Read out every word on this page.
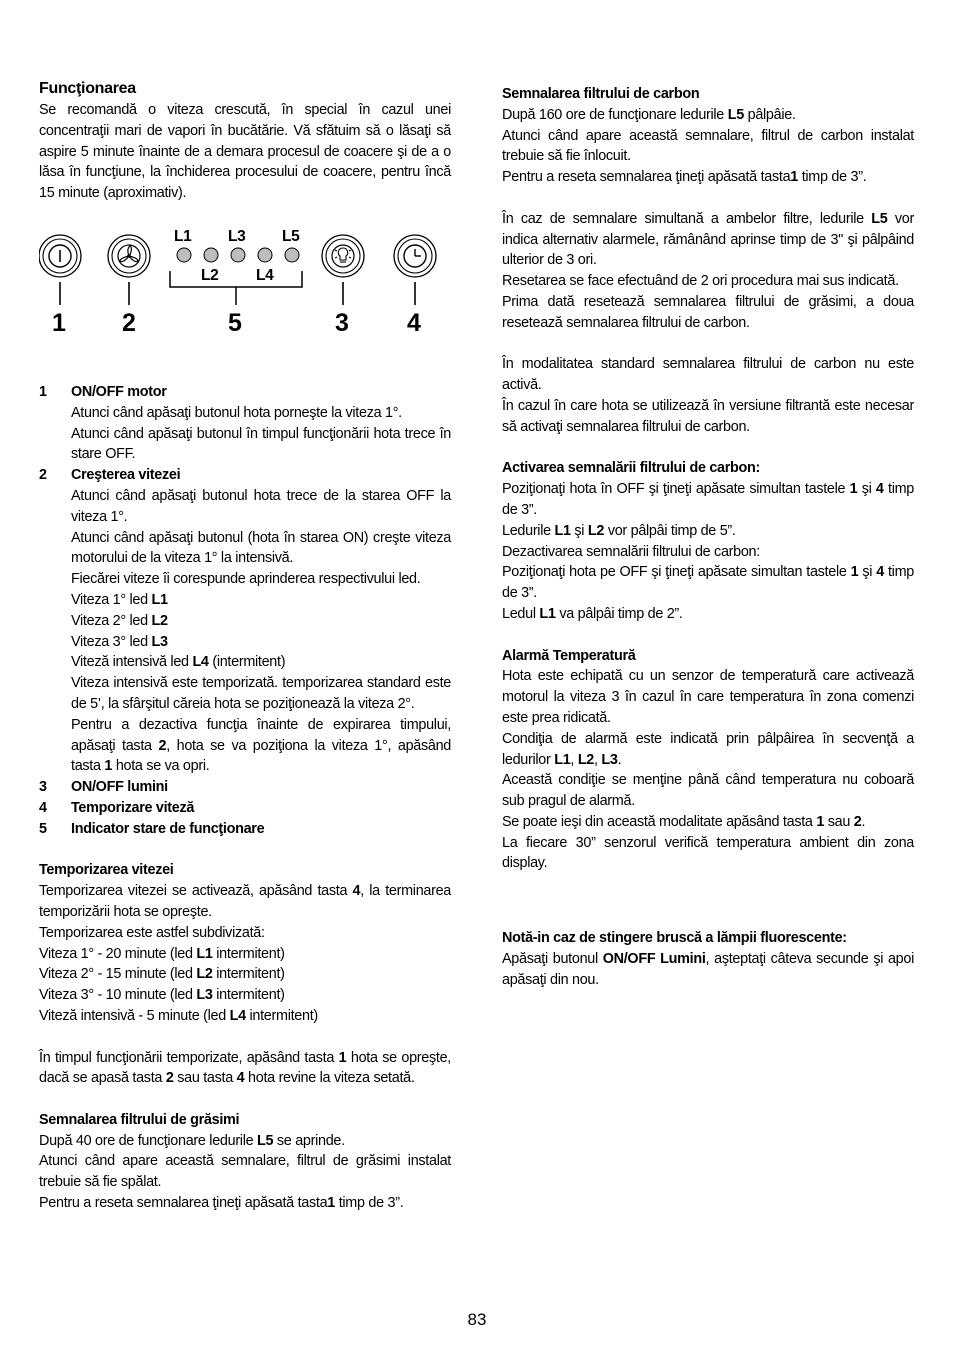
Funcţionarea

Se recomandă o viteza crescută, în special în cazul unei concentraţii mari de vapori în bucătărie. Vă sfătuim să o lăsaţi să aspire 5 minute înainte de a demara procesul de coacere şi de a o lăsa în funcţiune, la închiderea procesului de coacere, pentru încă 15 minute (aproximativ).

L1 L3 L5
L2 L4
1 2	5	3 4

1 ON/OFF motor

Atunci când apăsaţi butonul hota porneşte la viteza 1°.

Atunci când apăsaţi butonul în timpul funcţionării hota trece în stare OFF.

2 Creşterea vitezei

Atunci când apăsaţi butonul hota trece de la starea OFF la viteza 1°.

Atunci când apăsaţi butonul (hota în starea ON) creşte viteza motorului de la viteza 1° la intensivă.

Fiecărei viteze îi corespunde aprinderea respectivului led.

Viteza 1° led L1

Viteza 2° led L2

Viteza 3° led L3

Viteză intensivă led L4 (intermitent)

Viteza intensivă este temporizată. temporizarea standard este de 5’, la sfârşitul căreia hota se poziţionează la viteza 2°.

Pentru a dezactiva funcţia înainte de expirarea timpului, apăsaţi tasta 2, hota se va poziţiona la viteza 1°, apăsând tasta 1 hota se va opri.

3 ON/OFF lumini

4 Temporizare viteză

5 Indicator stare de funcţionare

Temporizarea vitezei

Temporizarea vitezei se activează, apăsând tasta 4, la terminarea temporizării hota se opreşte.

Temporizarea este astfel subdivizată:

Viteza 1° - 20 minute (led L1 intermitent)

Viteza 2° - 15 minute (led L2 intermitent)

Viteza 3° - 10 minute (led L3 intermitent)

Viteză intensivă - 5 minute (led L4 intermitent)

În timpul funcţionării temporizate, apăsând tasta 1 hota se opreşte, dacă se apasă tasta 2 sau tasta 4 hota revine la viteza setată.

Semnalarea filtrului de grăsimi

După 40 ore de funcţionare ledurile L5 se aprinde.

Atunci când apare această semnalare, filtrul de grăsimi instalat trebuie să fie spălat.

Pentru a reseta semnalarea ţineţi apăsată tasta1 timp de 3”.

Semnalarea filtrului de carbon

După 160 ore de funcţionare ledurile L5 pâlpâie.

Atunci când apare această semnalare, filtrul de carbon instalat trebuie să fie înlocuit.

Pentru a reseta semnalarea ţineţi apăsată tasta1 timp de 3”.

În caz de semnalare simultană a ambelor filtre, ledurile L5 vor indica alternativ alarmele, rămânând aprinse timp de 3" şi pâlpâind ulterior de 3 ori.

Resetarea se face efectuând de 2 ori procedura mai sus indicată.

Prima dată resetează semnalarea filtrului de grăsimi, a doua resetează semnalarea filtrului de carbon.

În modalitatea standard semnalarea filtrului de carbon nu este activă.

În cazul în care hota se utilizează în versiune filtrantă este necesar să activaţi semnalarea filtrului de carbon.

Activarea semnalării filtrului de carbon:

Poziţionaţi hota în OFF şi ţineţi apăsate simultan tastele 1 şi 4 timp de 3”.

Ledurile L1 şi L2 vor pâlpâi timp de 5”.

Dezactivarea semnalării filtrului de carbon:

Poziţionaţi hota pe OFF şi ţineţi apăsate simultan tastele 1 şi 4 timp de 3”.

Ledul L1 va pâlpâi timp de 2”.

Alarmă Temperatură

Hota este echipată cu un senzor de temperatură care activează motorul la viteza 3 în cazul în care temperatura în zona comenzi este prea ridicată.

Condiţia de alarmă este indicată prin pâlpâirea în secvenţă a ledurilor L1, L2, L3.

Această condiţie se menţine până când temperatura nu coboară sub pragul de alarmă.

Se poate ieşi din această modalitate apăsând tasta 1 sau 2.

La fiecare 30” senzorul verifică temperatura ambient din zona display.

Notă-in caz de stingere bruscă a lămpii fluorescente:

Apăsaţi butonul ON/OFF Lumini, aşteptaţi câteva secunde şi apoi apăsaţi din nou.

83
